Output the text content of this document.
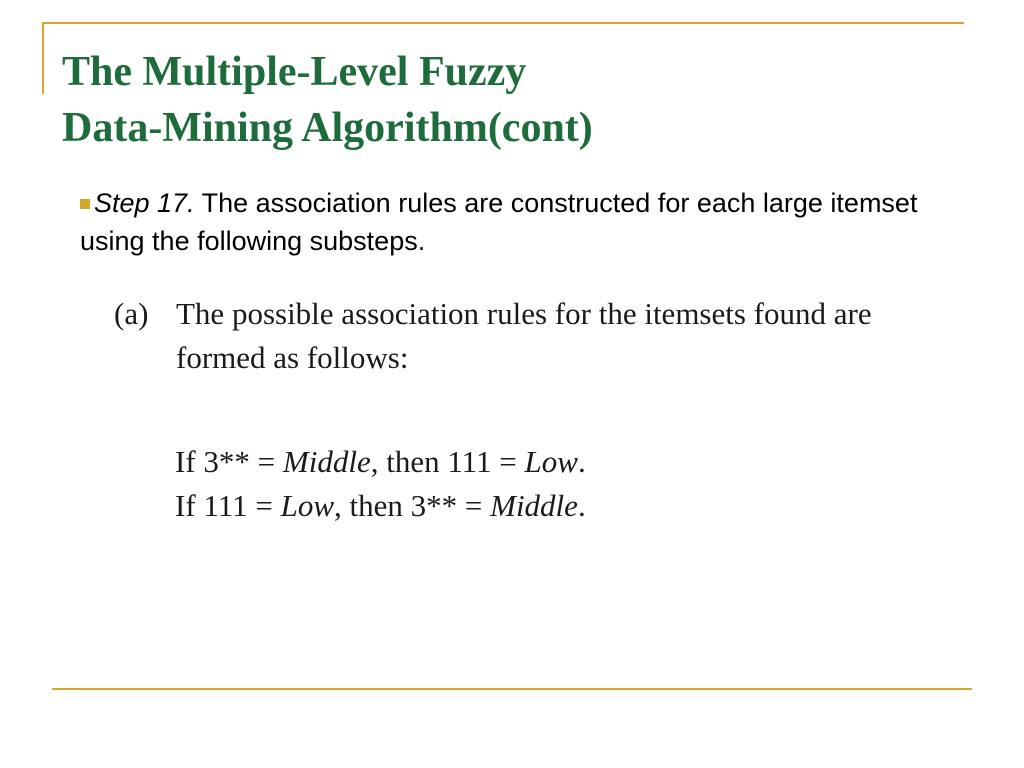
The Multiple-Level Fuzzy
Data-Mining Algorithm(cont)
Step 17. The association rules are constructed for each large itemset using the following substeps.
(a) The possible association rules for the itemsets found are formed as follows:
If 3** = Middle, then 111 = Low.
If 111 = Low, then 3** = Middle.
